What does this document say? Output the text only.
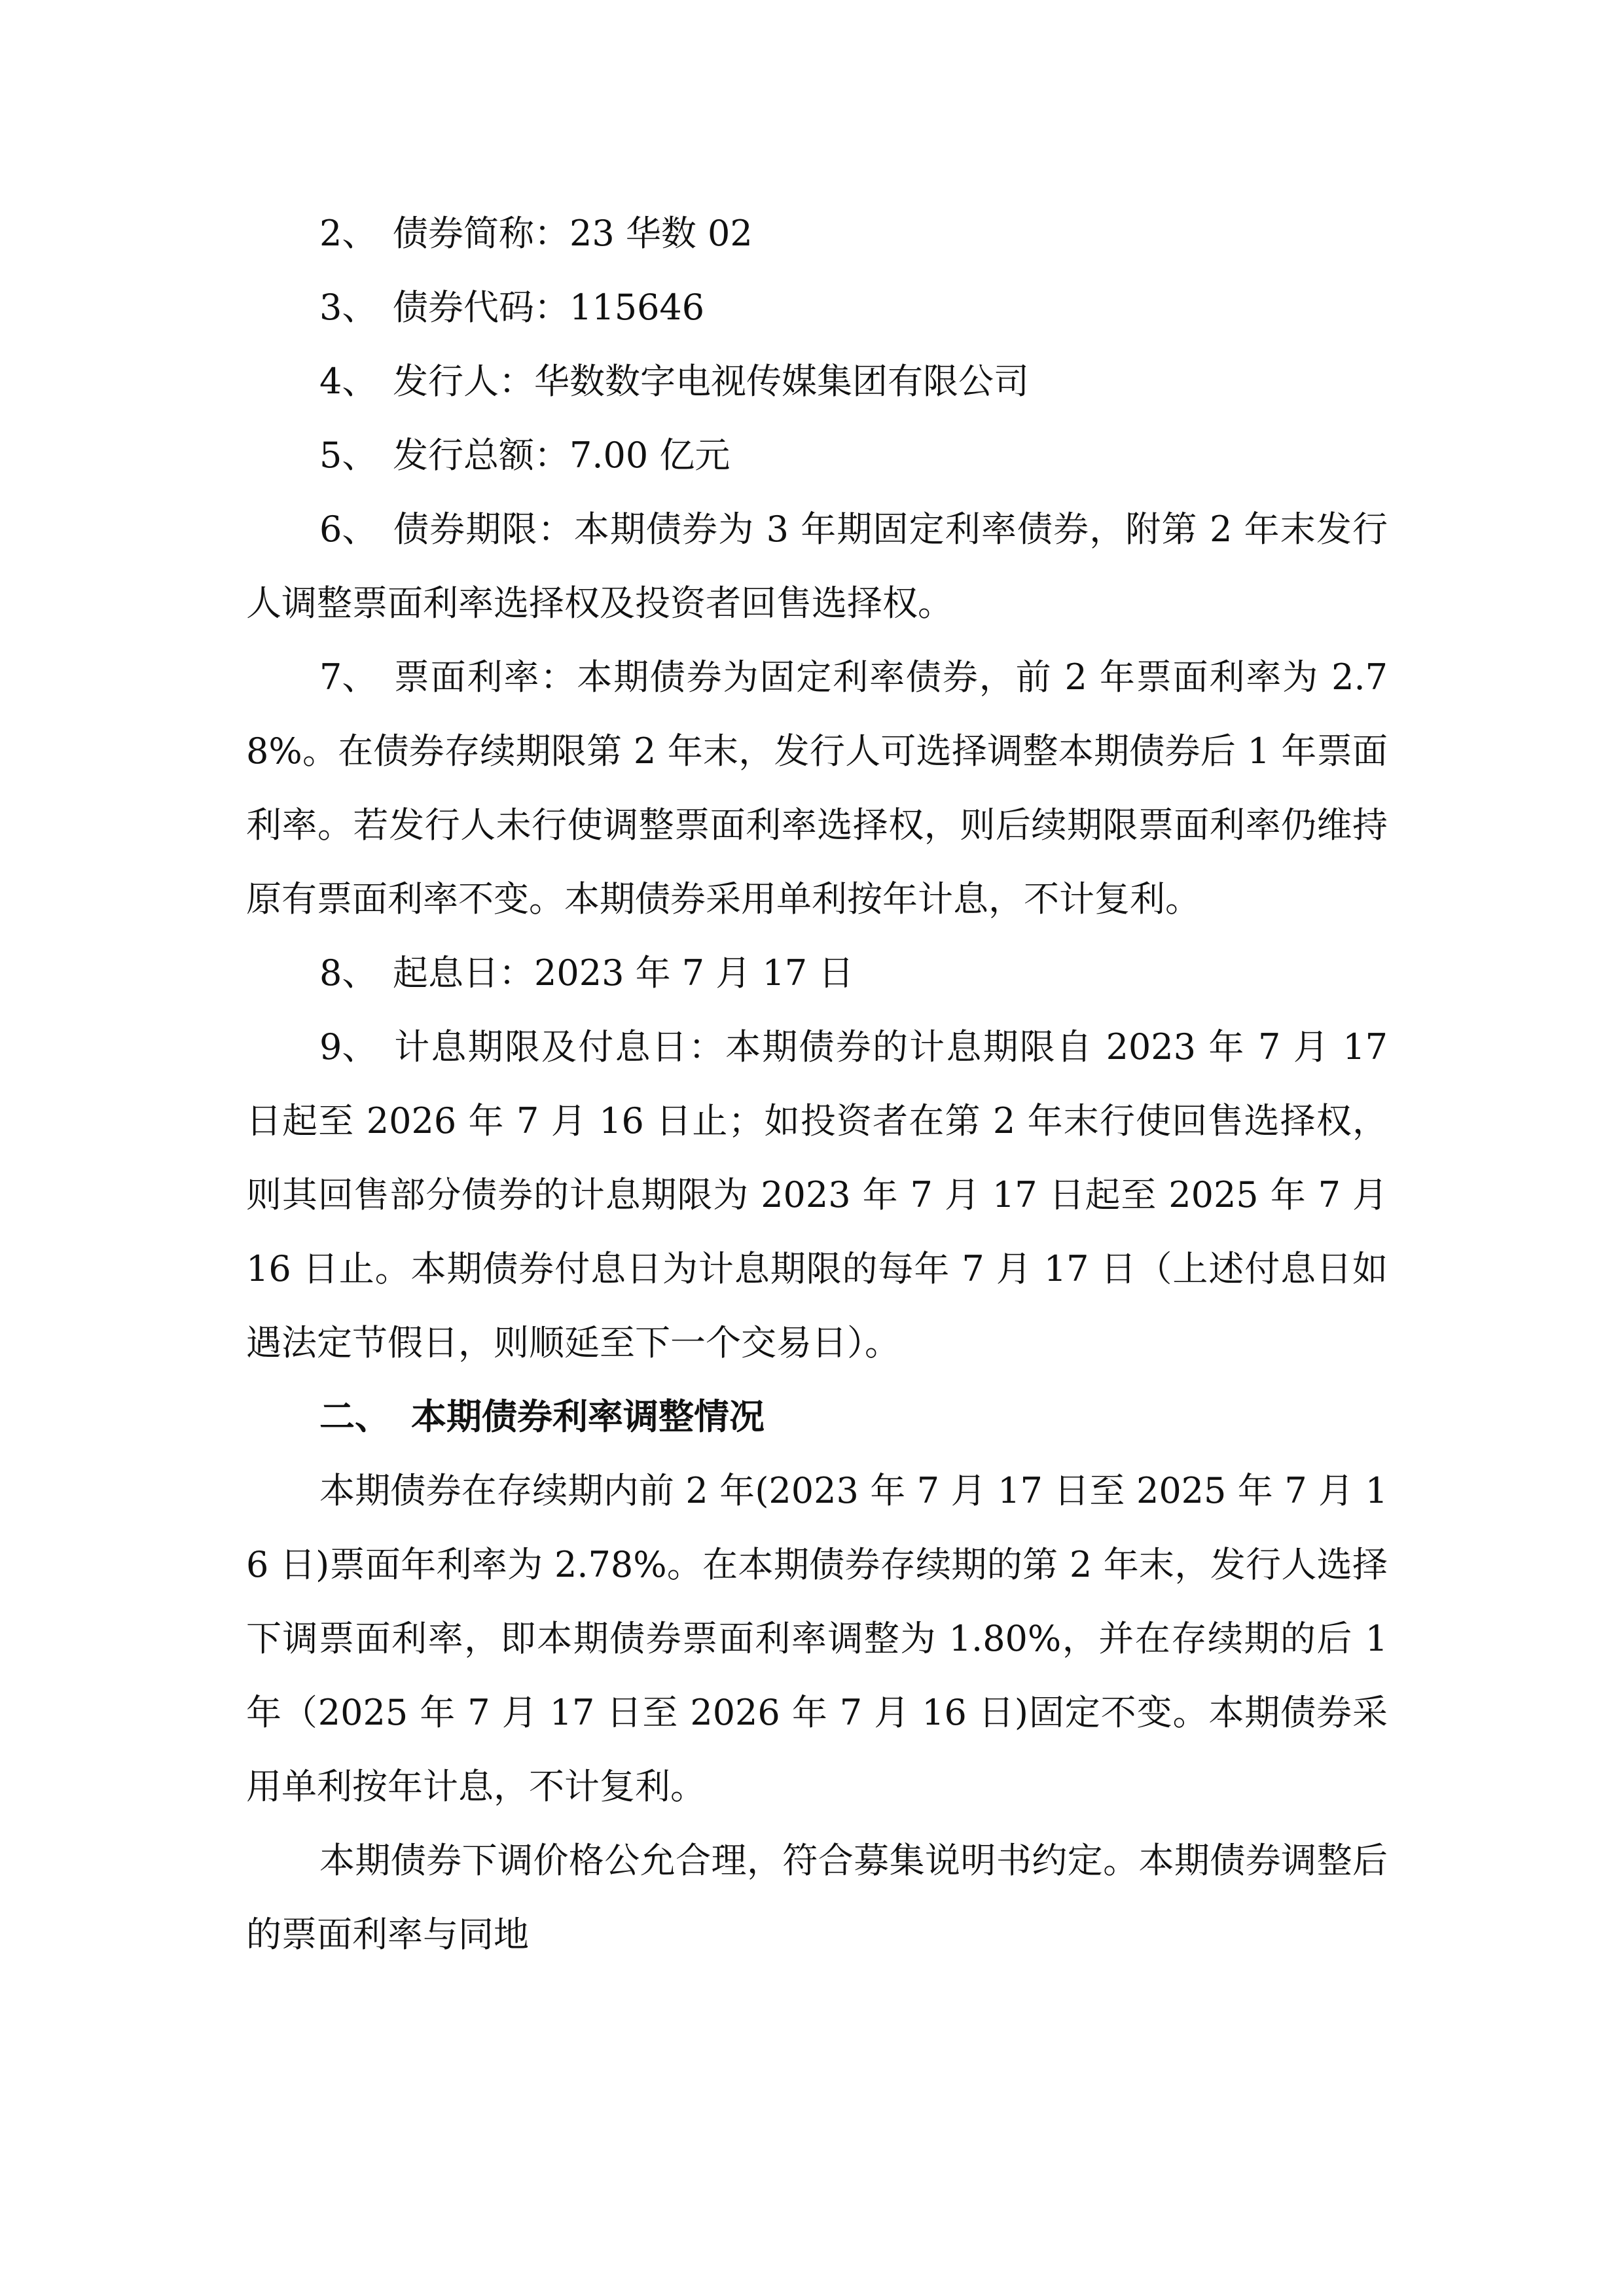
2、 债券简称：23 华数 02

3、 债券代码：115646

4、 发行人：华数数字电视传媒集团有限公司

5、 发行总额：7.00 亿元

6、 债券期限：本期债券为 3 年期固定利率债券，附第 2 年末发行人调整票面利率选择权及投资者回售选择权。

7、 票面利率：本期债券为固定利率债券，前 2 年票面利率为 2.78%。在债券存续期限第 2 年末，发行人可选择调整本期债券后 1 年票面利率。若发行人未行使调整票面利率选择权，则后续期限票面利率仍维持原有票面利率不变。本期债券采用单利按年计息，不计复利。

8、 起息日：2023 年 7 月 17 日

9、 计息期限及付息日：本期债券的计息期限自 2023 年 7 月 17 日起至 2026 年 7 月 16 日止；如投资者在第 2 年末行使回售选择权，则其回售部分债券的计息期限为 2023 年 7 月 17 日起至 2025 年 7 月 16 日止。本期债券付息日为计息期限的每年 7 月 17 日（上述付息日如遇法定节假日，则顺延至下一个交易日）。

二、 本期债券利率调整情况

本期债券在存续期内前 2 年(2023 年 7 月 17 日至 2025 年 7 月 16 日)票面年利率为 2.78%。在本期债券存续期的第 2 年末，发行人选择下调票面利率，即本期债券票面利率调整为 1.80%，并在存续期的后 1 年（2025 年 7 月 17 日至 2026 年 7 月 16 日)固定不变。本期债券采用单利按年计息，不计复利。

本期债券下调价格公允合理，符合募集说明书约定。本期债券调整后的票面利率与同地
